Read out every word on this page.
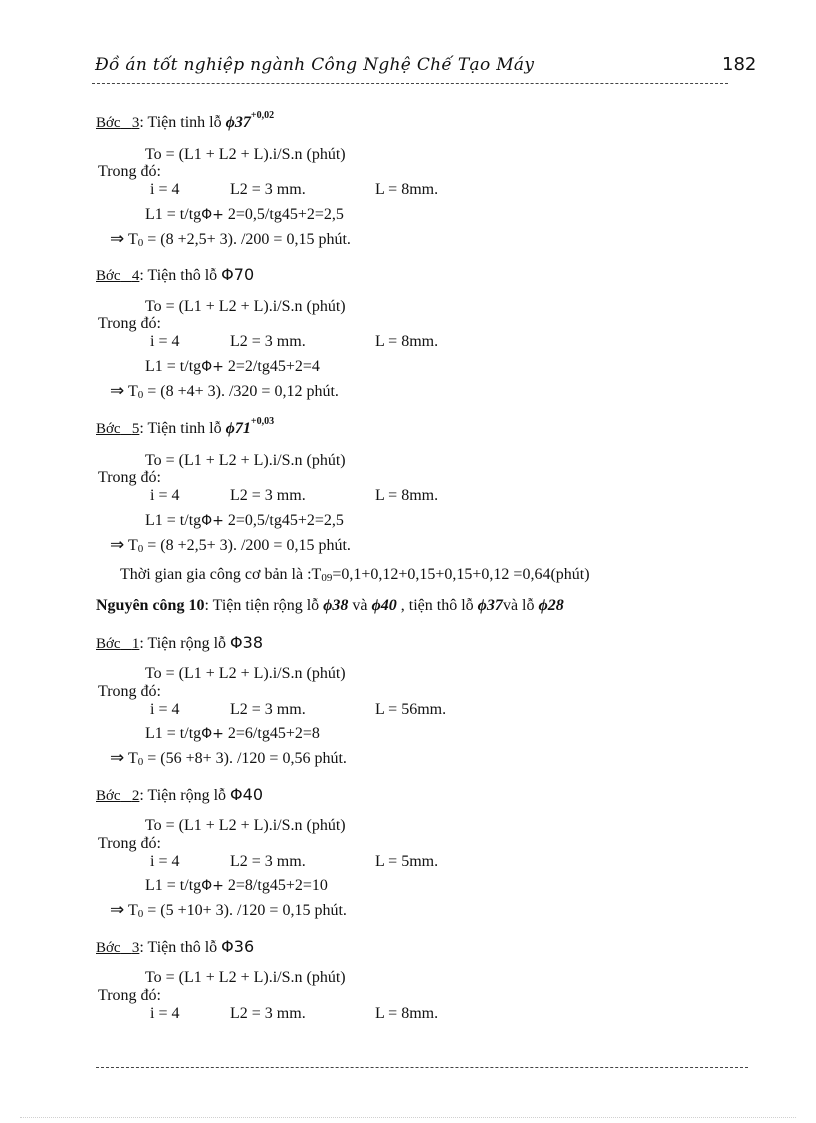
Đồ án tốt nghiệp ngành Công Nghệ Chế Tạo Máy	182
Bớc 3: Tiện tinh lỗ $\phi 37^{+0,02}$
To = (L1 + L2 + L).i/S.n (phút)
Trong đó:
i = 4	L2 = 3 mm.	L = 8mm.
L1 = t/tgΦ+ 2=0,5/tg45+2=2,5
⇒ T0 = (8 +2,5+ 3). /200 = 0,15 phút.
Bớc 4: Tiện thô lỗ Φ70
To = (L1 + L2 + L).i/S.n (phút)
Trong đó:
i = 4	L2 = 3 mm.	L = 8mm.
L1 = t/tgΦ+ 2=2/tg45+2=4
⇒ T0 = (8 +4+ 3). /320 = 0,12 phút.
Bớc 5: Tiện tinh lỗ $\phi 71^{+0,03}$
To = (L1 + L2 + L).i/S.n (phút)
Trong đó:
i = 4	L2 = 3 mm.	L = 8mm.
L1 = t/tgΦ+ 2=0,5/tg45+2=2,5
⇒ T0 = (8 +2,5+ 3). /200 = 0,15 phút.
Thời gian gia công cơ bản là :T09=0,1+0,12+0,15+0,15+0,12 =0,64(phút)
Nguyên công 10: Tiện tiện rộng lỗ ϕ38 và ϕ40 , tiện thô lỗ ϕ37và lỗ ϕ28
Bớc 1: Tiện rộng lỗ Φ38
To = (L1 + L2 + L).i/S.n (phút)
Trong đó:
i = 4	L2 = 3 mm.	L = 56mm.
L1 = t/tgΦ+ 2=6/tg45+2=8
⇒ T0 = (56 +8+ 3). /120 = 0,56 phút.
Bớc 2: Tiện rộng lỗ Φ40
To = (L1 + L2 + L).i/S.n (phút)
Trong đó:
i = 4	L2 = 3 mm.	L = 5mm.
L1 = t/tgΦ+ 2=8/tg45+2=10
⇒ T0 = (5 +10+ 3). /120 = 0,15 phút.
Bớc 3: Tiện thô lỗ Φ36
To = (L1 + L2 + L).i/S.n (phút)
Trong đó:
i = 4	L2 = 3 mm.	L = 8mm.
